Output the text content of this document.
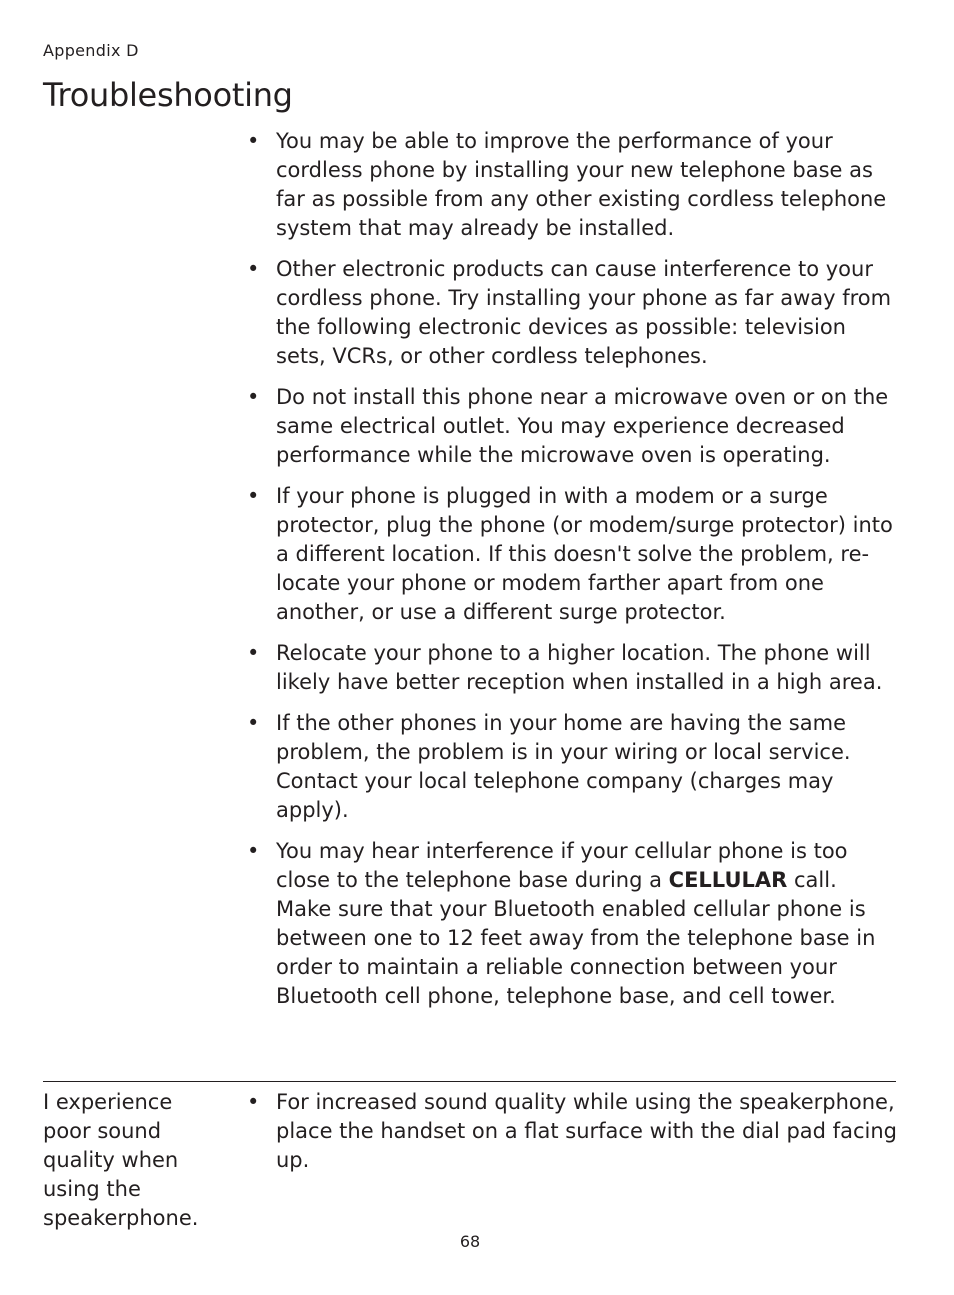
Appendix D
Troubleshooting
• You may be able to improve the performance of your cordless phone by installing your new telephone base as far as possible from any other existing cordless telephone system that may already be installed.
• Other electronic products can cause interference to your cordless phone. Try installing your phone as far away from the following electronic devices as possible: television sets, VCRs, or other cordless telephones.
• Do not install this phone near a microwave oven or on the same electrical outlet. You may experience decreased performance while the microwave oven is operating.
• If your phone is plugged in with a modem or a surge protector, plug the phone (or modem/surge protector) into a different location. If this doesn't solve the problem, re-locate your phone or modem farther apart from one another, or use a different surge protector.
• Relocate your phone to a higher location. The phone will likely have better reception when installed in a high area.
• If the other phones in your home are having the same problem, the problem is in your wiring or local service. Contact your local telephone company (charges may apply).
• You may hear interference if your cellular phone is too close to the telephone base during a CELLULAR call. Make sure that your Bluetooth enabled cellular phone is between one to 12 feet away from the telephone base in order to maintain a reliable connection between your Bluetooth cell phone, telephone base, and cell tower.
I experience poor sound quality when using the speakerphone.
• For increased sound quality while using the speakerphone, place the handset on a flat surface with the dial pad facing up.
68
